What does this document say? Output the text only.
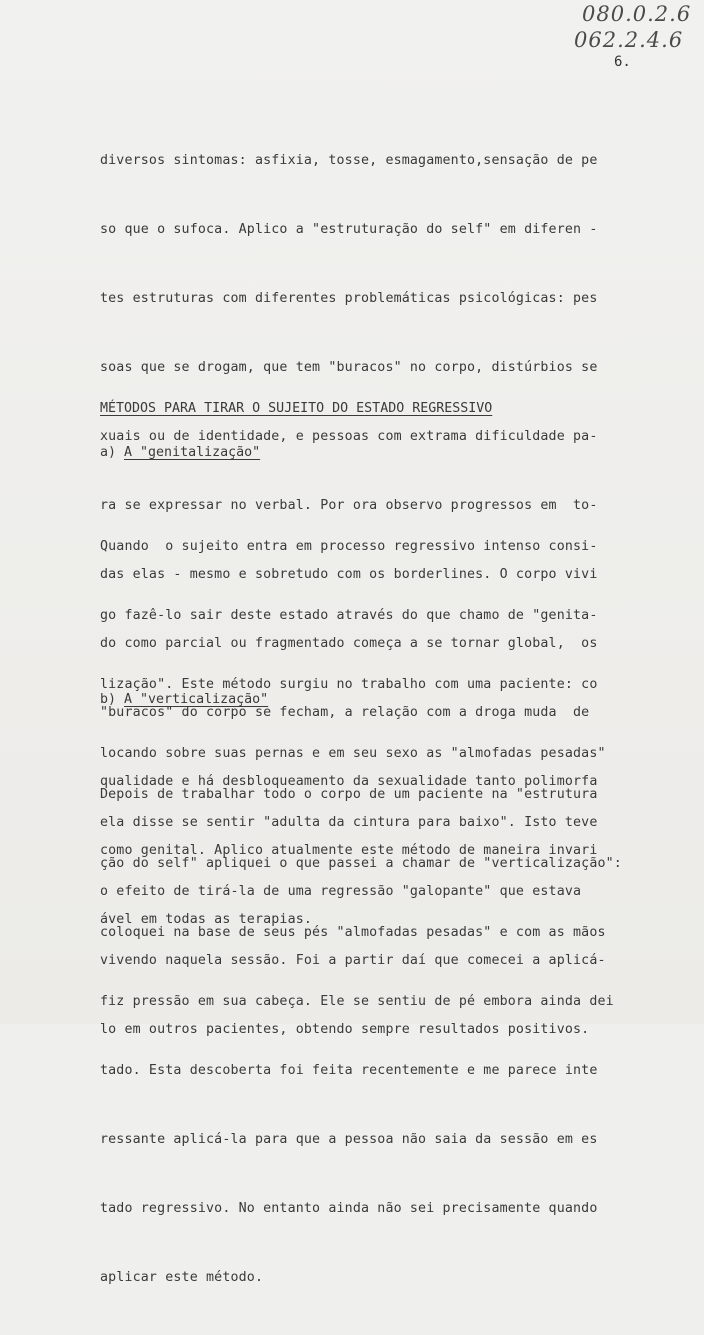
080.0.2.6
062.2.4.6
6.

diversos sintomas: asfixia, tosse, esmagamento,sensação de pe

so que o sufoca. Aplico a "estruturação do self" em diferen -

tes estruturas com diferentes problemáticas psicológicas: pes

soas que se drogam, que tem "buracos" no corpo, distúrbios se

xuais ou de identidade, e pessoas com extrama dificuldade pa-

ra se expressar no verbal. Por ora observo progressos em  to-

das elas - mesmo e sobretudo com os borderlines. O corpo vivi

do como parcial ou fragmentado começa a se tornar global,  os

"buracos" do corpo se fecham, a relação com a droga muda  de

qualidade e há desbloqueamento da sexualidade tanto polimorfa

como genital. Aplico atualmente este método de maneira invari

ável em todas as terapias.

MÉTODOS PARA TIRAR O SUJEITO DO ESTADO REGRESSIVO
a) A "genitalização"

Quando  o sujeito entra em processo regressivo intenso consi-

go fazê-lo sair deste estado através do que chamo de "genita-

lização". Este método surgiu no trabalho com uma paciente: co

locando sobre suas pernas e em seu sexo as "almofadas pesadas"

ela disse se sentir "adulta da cintura para baixo". Isto teve

o efeito de tirá-la de uma regressão "galopante" que estava

vivendo naquela sessão. Foi a partir daí que comecei a aplicá-

lo em outros pacientes, obtendo sempre resultados positivos.

b) A "verticalização"

Depois de trabalhar todo o corpo de um paciente na "estrutura

ção do self" apliquei o que passei a chamar de "verticalização":

coloquei na base de seus pés "almofadas pesadas" e com as mãos

fiz pressão em sua cabeça. Ele se sentiu de pé embora ainda dei

tado. Esta descoberta foi feita recentemente e me parece inte

ressante aplicá-la para que a pessoa não saia da sessão em es

tado regressivo. No entanto ainda não sei precisamente quando

aplicar este método.
